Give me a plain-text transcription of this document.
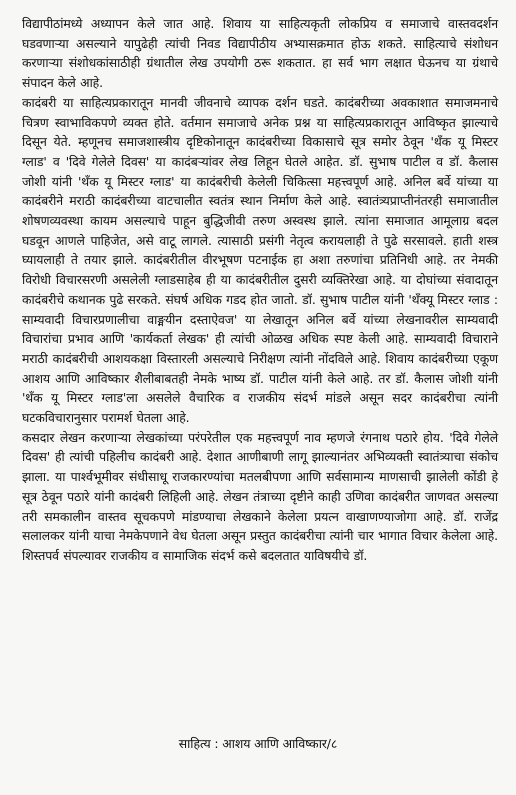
विद्यापीठांमध्ये अध्यापन केले जात आहे. शिवाय या साहित्यकृती लोकप्रिय व समाजाचे वास्तवदर्शन घडवणाऱ्या असल्याने यापुढेही त्यांची निवड विद्यापीठीय अभ्यासक्रमात होऊ शकते. साहित्याचे संशोधन करणाऱ्या संशोधकांसाठीही ग्रंथातील लेख उपयोगी ठरू शकतात. हा सर्व भाग लक्षात घेऊनच या ग्रंथाचे संपादन केले आहे.

कादंबरी या साहित्यप्रकारातून मानवी जीवनाचे व्यापक दर्शन घडते. कादंबरीच्या अवकाशात समाजमनाचे चित्रण स्वाभाविकपणे व्यक्त होते. वर्तमान समाजाचे अनेक प्रश्न या साहित्यप्रकारातून आविष्कृत झाल्याचे दिसून येते. म्हणूनच समाजशास्त्रीय दृष्टिकोनातून कादंबरीच्या विकासाचे सूत्र समोर ठेवून 'थँक यू मिस्टर ग्लाड' व 'दिवे गेलेले दिवस' या कादंबऱ्यांवर लेख लिहून घेतले आहेत. डॉ. सुभाष पाटील व डॉ. कैलास जोशी यांनी 'थँक यू मिस्टर ग्लाड' या कादंबरीची केलेली चिकित्सा महत्त्वपूर्ण आहे. अनिल बर्वे यांच्या या कादंबरीने मराठी कादंबरीच्या वाटचालीत स्वतंत्र स्थान निर्माण केले आहे. स्वातंत्र्यप्राप्तीनंतरही समाजातील शोषणव्यवस्था कायम असल्याचे पाहून बुद्धिजीवी तरुण अस्वस्थ झाले. त्यांना समाजात आमूलाग्र बदल घडवून आणले पाहिजेत, असे वाटू लागले. त्यासाठी प्रसंगी नेतृत्व करायलाही ते पुढे सरसावले. हाती शस्त्र घ्यायलाही ते तयार झाले. कादंबरीतील वीरभूषण पटनाईक हा अशा तरुणांचा प्रतिनिधी आहे. तर नेमकी विरोधी विचारसरणी असलेली ग्लाडसाहेब ही या कादंबरीतील दुसरी व्यक्तिरेखा आहे. या दोघांच्या संवादातून कादंबरीचे कथानक पुढे सरकते. संघर्ष अधिक गडद होत जातो. डॉ. सुभाष पाटील यांनी 'थँक्यू मिस्टर ग्लाड : साम्यवादी विचारप्रणालीचा वाङ्मयीन दस्ताऐवज' या लेखातून अनिल बर्वे यांच्या लेखनावरील साम्यवादी विचारांचा प्रभाव आणि 'कार्यकर्ता लेखक' ही त्यांची ओळख अधिक स्पष्ट केली आहे. साम्यवादी विचाराने मराठी कादंबरीची आशयकक्षा विस्तारली असल्याचे निरीक्षण त्यांनी नोंदविले आहे. शिवाय कादंबरीच्या एकूण आशय आणि आविष्कार शैलीबाबतही नेमके भाष्य डॉ. पाटील यांनी केले आहे. तर डॉ. कैलास जोशी यांनी 'थँक यू मिस्टर ग्लाड'ला असलेले वैचारिक व राजकीय संदर्भ मांडले असून सदर कादंबरीचा त्यांनी घटकविचारानुसार परामर्श घेतला आहे.

कसदार लेखन करणाऱ्या लेखकांच्या परंपरेतील एक महत्त्वपूर्ण नाव म्हणजे रंगनाथ पठारे होय. 'दिवे गेलेले दिवस' ही त्यांची पहिलीच कादंबरी आहे. देशात आणीबाणी लागू झाल्यानंतर अभिव्यक्ती स्वातंत्र्याचा संकोच झाला. या पार्श्वभूमीवर संधीसाधू राजकारण्यांचा मतलबीपणा आणि सर्वसामान्य माणसाची झालेली कोंडी हे सूत्र ठेवून पठारे यांनी कादंबरी लिहिली आहे. लेखन तंत्राच्या दृष्टीने काही उणिवा कादंबरीत जाणवत असल्या तरी समकालीन वास्तव सूचकपणे मांडण्याचा लेखकाने केलेला प्रयत्न वाखाणण्याजोगा आहे. डॉ. राजेंद्र सलालकर यांनी याचा नेमकेपणाने वेध घेतला असून प्रस्तुत कादंबरीचा त्यांनी चार भागात विचार केलेला आहे. शिस्तपर्व संपल्यावर राजकीय व सामाजिक संदर्भ कसे बदलतात याविषयीचे डॉ.

साहित्य : आशय आणि आविष्कार/८
